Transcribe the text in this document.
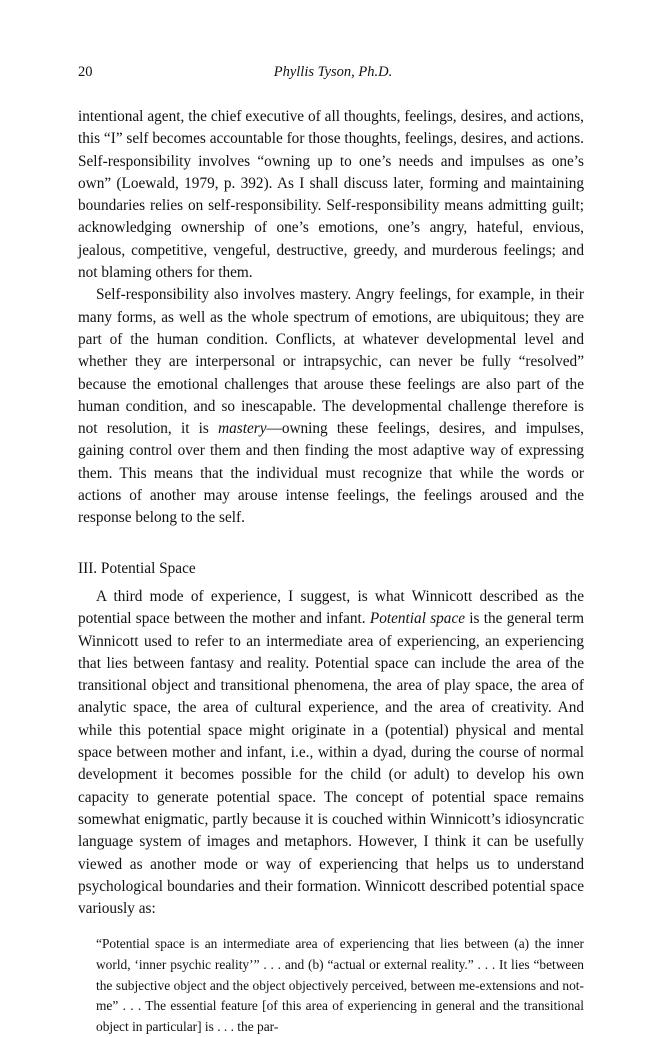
20	Phyllis Tyson, Ph.D.

intentional agent, the chief executive of all thoughts, feelings, desires, and actions, this “I” self becomes accountable for those thoughts, feelings, desires, and actions. Self-responsibility involves “owning up to one’s needs and impulses as one’s own” (Loewald, 1979, p. 392). As I shall discuss later, forming and maintaining boundaries relies on self-responsibility. Self-responsibility means admitting guilt; acknowledging ownership of one’s emotions, one’s angry, hateful, envious, jealous, competitive, vengeful, destructive, greedy, and murderous feelings; and not blaming others for them.

Self-responsibility also involves mastery. Angry feelings, for example, in their many forms, as well as the whole spectrum of emotions, are ubiquitous; they are part of the human condition. Conflicts, at whatever developmental level and whether they are interpersonal or intrapsychic, can never be fully “resolved” because the emotional challenges that arouse these feelings are also part of the human condition, and so inescapable. The developmental challenge therefore is not resolution, it is mastery—owning these feelings, desires, and impulses, gaining control over them and then finding the most adaptive way of expressing them. This means that the individual must recognize that while the words or actions of another may arouse intense feelings, the feelings aroused and the response belong to the self.

III. Potential Space

A third mode of experience, I suggest, is what Winnicott described as the potential space between the mother and infant. Potential space is the general term Winnicott used to refer to an intermediate area of experiencing, an experiencing that lies between fantasy and reality. Potential space can include the area of the transitional object and transitional phenomena, the area of play space, the area of analytic space, the area of cultural experience, and the area of creativity. And while this potential space might originate in a (potential) physical and mental space between mother and infant, i.e., within a dyad, during the course of normal development it becomes possible for the child (or adult) to develop his own capacity to generate potential space. The concept of potential space remains somewhat enigmatic, partly because it is couched within Winnicott’s idiosyncratic language system of images and metaphors. However, I think it can be usefully viewed as another mode or way of experiencing that helps us to understand psychological boundaries and their formation. Winnicott described potential space variously as:

“Potential space is an intermediate area of experiencing that lies between (a) the inner world, ‘inner psychic reality’” . . . and (b) “actual or external reality.” . . . It lies “between the subjective object and the object objectively perceived, between me-extensions and not-me” . . . The essential feature [of this area of experiencing in general and the transitional object in particular] is . . . the par-
